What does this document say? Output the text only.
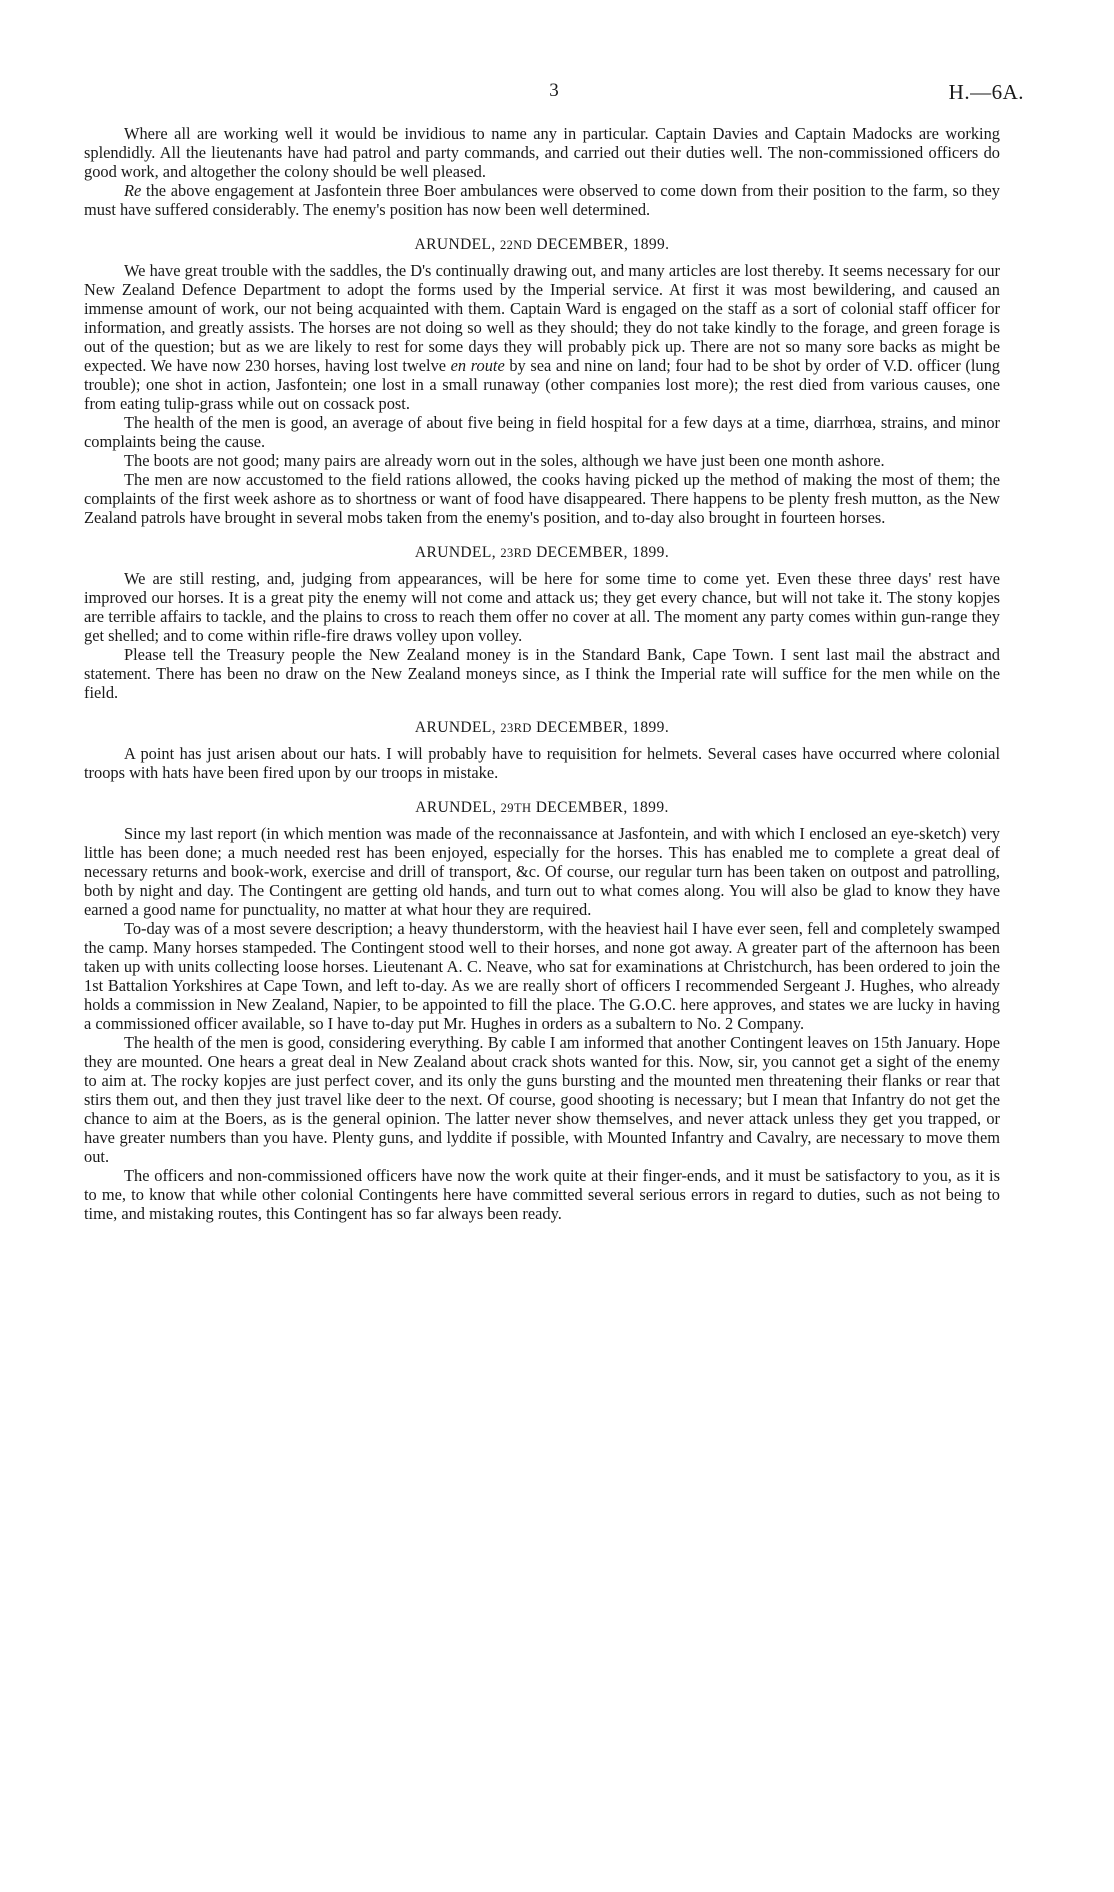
3	H.—6A.

Where all are working well it would be invidious to name any in particular. Captain Davies and Captain Madocks are working splendidly. All the lieutenants have had patrol and party commands, and carried out their duties well. The non-commissioned officers do good work, and altogether the colony should be well pleased.

Re the above engagement at Jasfontein three Boer ambulances were observed to come down from their position to the farm, so they must have suffered considerably. The enemy's position has now been well determined.

ARUNDEL, 22ND DECEMBER, 1899.

We have great trouble with the saddles, the D's continually drawing out, and many articles are lost thereby. It seems necessary for our New Zealand Defence Department to adopt the forms used by the Imperial service. At first it was most bewildering, and caused an immense amount of work, our not being acquainted with them. Captain Ward is engaged on the staff as a sort of colonial staff officer for information, and greatly assists. The horses are not doing so well as they should; they do not take kindly to the forage, and green forage is out of the question; but as we are likely to rest for some days they will probably pick up. There are not so many sore backs as might be expected. We have now 230 horses, having lost twelve en route by sea and nine on land; four had to be shot by order of V.D. officer (lung trouble); one shot in action, Jasfontein; one lost in a small runaway (other companies lost more); the rest died from various causes, one from eating tulip-grass while out on cossack post.

The health of the men is good, an average of about five being in field hospital for a few days at a time, diarrhœa, strains, and minor complaints being the cause.

The boots are not good; many pairs are already worn out in the soles, although we have just been one month ashore.

The men are now accustomed to the field rations allowed, the cooks having picked up the method of making the most of them; the complaints of the first week ashore as to shortness or want of food have disappeared. There happens to be plenty fresh mutton, as the New Zealand patrols have brought in several mobs taken from the enemy's position, and to-day also brought in fourteen horses.

ARUNDEL, 23RD DECEMBER, 1899.

We are still resting, and, judging from appearances, will be here for some time to come yet. Even these three days' rest have improved our horses. It is a great pity the enemy will not come and attack us; they get every chance, but will not take it. The stony kopjes are terrible affairs to tackle, and the plains to cross to reach them offer no cover at all. The moment any party comes within gun-range they get shelled; and to come within rifle-fire draws volley upon volley.

Please tell the Treasury people the New Zealand money is in the Standard Bank, Cape Town. I sent last mail the abstract and statement. There has been no draw on the New Zealand moneys since, as I think the Imperial rate will suffice for the men while on the field.

ARUNDEL, 23RD DECEMBER, 1899.

A point has just arisen about our hats. I will probably have to requisition for helmets. Several cases have occurred where colonial troops with hats have been fired upon by our troops in mistake.

ARUNDEL, 29TH DECEMBER, 1899.

Since my last report (in which mention was made of the reconnaissance at Jasfontein, and with which I enclosed an eye-sketch) very little has been done; a much needed rest has been enjoyed, especially for the horses. This has enabled me to complete a great deal of necessary returns and book-work, exercise and drill of transport, &c. Of course, our regular turn has been taken on outpost and patrolling, both by night and day. The Contingent are getting old hands, and turn out to what comes along. You will also be glad to know they have earned a good name for punctuality, no matter at what hour they are required.

To-day was of a most severe description; a heavy thunderstorm, with the heaviest hail I have ever seen, fell and completely swamped the camp. Many horses stampeded. The Contingent stood well to their horses, and none got away. A greater part of the afternoon has been taken up with units collecting loose horses. Lieutenant A. C. Neave, who sat for examinations at Christchurch, has been ordered to join the 1st Battalion Yorkshires at Cape Town, and left to-day. As we are really short of officers I recommended Sergeant J. Hughes, who already holds a commission in New Zealand, Napier, to be appointed to fill the place. The G.O.C. here approves, and states we are lucky in having a commissioned officer available, so I have to-day put Mr. Hughes in orders as a subaltern to No. 2 Company.

The health of the men is good, considering everything. By cable I am informed that another Contingent leaves on 15th January. Hope they are mounted. One hears a great deal in New Zealand about crack shots wanted for this. Now, sir, you cannot get a sight of the enemy to aim at. The rocky kopjes are just perfect cover, and its only the guns bursting and the mounted men threatening their flanks or rear that stirs them out, and then they just travel like deer to the next. Of course, good shooting is necessary; but I mean that Infantry do not get the chance to aim at the Boers, as is the general opinion. The latter never show themselves, and never attack unless they get you trapped, or have greater numbers than you have. Plenty guns, and lyddite if possible, with Mounted Infantry and Cavalry, are necessary to move them out.

The officers and non-commissioned officers have now the work quite at their finger-ends, and it must be satisfactory to you, as it is to me, to know that while other colonial Contingents here have committed several serious errors in regard to duties, such as not being to time, and mistaking routes, this Contingent has so far always been ready.
